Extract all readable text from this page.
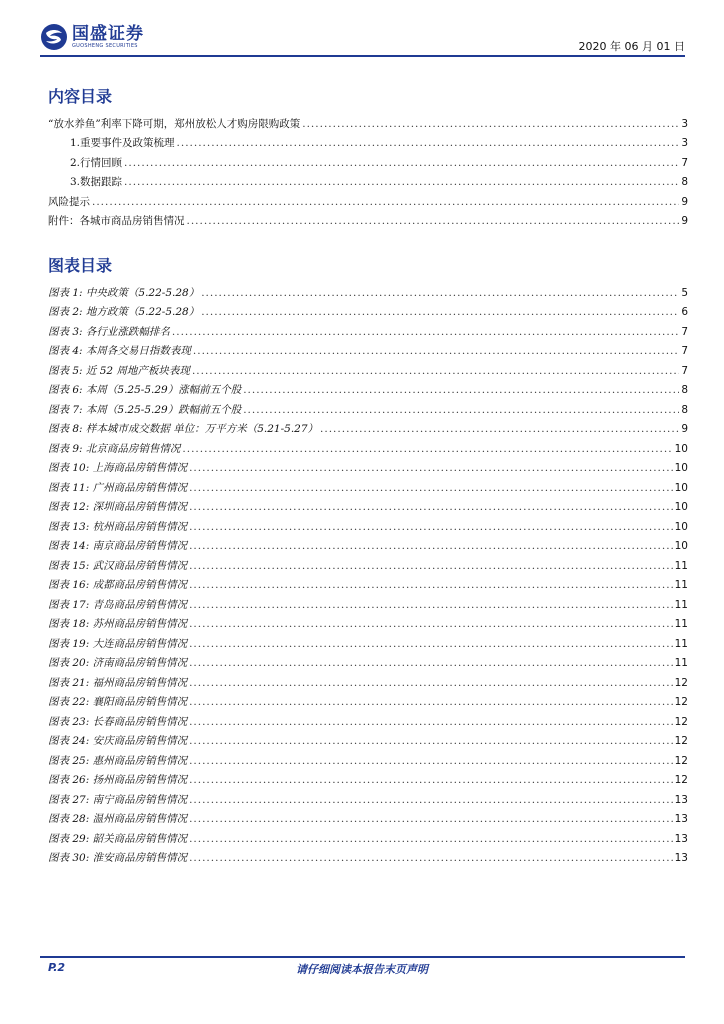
国盛证券
GUOSHENG SECURITIES	2020 年 06 月 01 日
内容目录
“放水养鱼”利率下降可期，郑州放松人才购房限购政策 .....	3
1.重要事件及政策梳理 .....	3
2.行情回顾 .....	7
3.数据跟踪 .....	8
风险提示 .....	9
附件：各城市商品房销售情况 .....	9
图表目录
图表 1: 中央政策（5.22-5.28） .....	5
图表 2: 地方政策（5.22-5.28） .....	6
图表 3: 各行业涨跌幅排名 .....	7
图表 4: 本周各交易日指数表现 .....	7
图表 5: 近 52 周地产板块表现 .....	7
图表 6: 本周（5.25-5.29）涨幅前五个股 .....	8
图表 7: 本周（5.25-5.29）跌幅前五个股 .....	8
图表 8: 样本城市成交数据 单位：万平方米（5.21-5.27） .....	9
图表 9: 北京商品房销售情况 .....	10
图表 10: 上海商品房销售情况 .....	10
图表 11: 广州商品房销售情况 .....	10
图表 12: 深圳商品房销售情况 .....	10
图表 13: 杭州商品房销售情况 .....	10
图表 14: 南京商品房销售情况 .....	10
图表 15: 武汉商品房销售情况 .....	11
图表 16: 成都商品房销售情况 .....	11
图表 17: 青岛商品房销售情况 .....	11
图表 18: 苏州商品房销售情况 .....	11
图表 19: 大连商品房销售情况 .....	11
图表 20: 济南商品房销售情况 .....	11
图表 21: 福州商品房销售情况 .....	12
图表 22: 襄阳商品房销售情况 .....	12
图表 23: 长春商品房销售情况 .....	12
图表 24: 安庆商品房销售情况 .....	12
图表 25: 惠州商品房销售情况 .....	12
图表 26: 扬州商品房销售情况 .....	12
图表 27: 南宁商品房销售情况 .....	13
图表 28: 温州商品房销售情况 .....	13
图表 29: 韶关商品房销售情况 .....	13
图表 30: 淮安商品房销售情况 .....	13
P.2	请仔细阅读本报告末页声明
